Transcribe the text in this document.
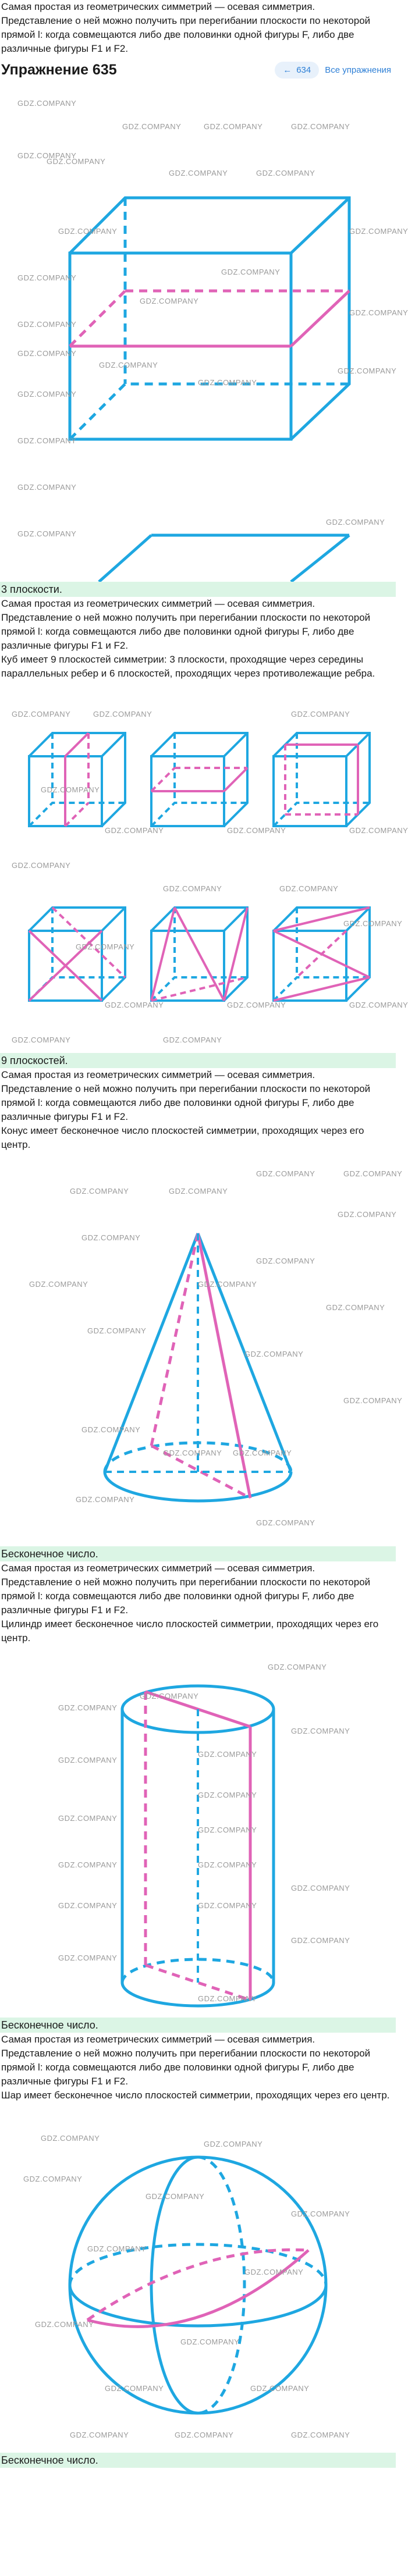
Самая простая из геометрических симметрий — осевая симметрия.

Представление о ней можно получить при перегибании плоскости по некоторой прямой l: когда совмещаются либо две половинки одной фигуры F, либо две различные фигуры F1 и F2.

Упражнение 635	← 634 Все упражнения
GDZ.COMPANY
GDZ.COMPANY
GDZ.COMPANY	GDZ.COMPANY	GDZ.COMPANY
GDZ.COMPANY
GDZ.COMPANY	GDZ.COMPANY
GDZ.COMPANY
GDZ.COMPANY
GDZ.COMPANY
GDZ.COMPANY
GDZ.COMPANY
GDZ.COMPANY
GDZ.COMPANY
GDZ.COMPANY
GDZ.COMPANY
GDZ.COMPANY
GDZ.COMPANY
GDZ.COMPANY
GDZ.COMPANY
GDZ.COMPANY
GDZ.COMPANY
GDZ.COMPANY

3 плоскости.

Самая простая из геометрических симметрий — осевая симметрия.

Представление о ней можно получить при перегибании плоскости по некоторой прямой l: когда совмещаются либо две половинки одной фигуры F, либо две различные фигуры F1 и F2.

Куб имеет 9 плоскостей симметрии: 3 плоскости, проходящие через середины параллельных ребер и 6 плоскостей, проходящих через противолежащие ребра.

GDZ.COMPANY	GDZ.COMPANY	GDZ.COMPANY
GDZ.COMPANY
GDZ.COMPANY	GDZ.COMPANY	GDZ.COMPANY
GDZ.COMPANY
GDZ.COMPANY	GDZ.COMPANY
GDZ.COMPANY
GDZ.COMPANY
GDZ.COMPANY	GDZ.COMPANY	GDZ.COMPANY
GDZ.COMPANY
GDZ.COMPANY

9 плоскостей.

Самая простая из геометрических симметрий — осевая симметрия.

Представление о ней можно получить при перегибании плоскости по некоторой прямой l: когда совмещаются либо две половинки одной фигуры F, либо две различные фигуры F1 и F2.

Конус имеет бесконечное число плоскостей симметрии, проходящих через его центр.

GDZ.COMPANY	GDZ.COMPANY
GDZ.COMPANY	GDZ.COMPANY
GDZ.COMPANY
GDZ.COMPANY
GDZ.COMPANY
GDZ.COMPANY	GDZ.COMPANY
GDZ.COMPANY
GDZ.COMPANY
GDZ.COMPANY
GDZ.COMPANY
GDZ.COMPANY
GDZ.COMPANY GDZ.COMPANY
GDZ.COMPANY
GDZ.COMPANY

Бесконечное число.

Самая простая из геометрических симметрий — осевая симметрия.

Представление о ней можно получить при перегибании плоскости по некоторой прямой l: когда совмещаются либо две половинки одной фигуры F, либо две различные фигуры F1 и F2.

Цилиндр имеет бесконечное число плоскостей симметрии, проходящих через его центр.

GDZ.COMPANY
GDZ.COMPANY
GDZ.COMPANY
GDZ.COMPANY
GDZ.COMPANY
GDZ.COMPANY
GDZ.COMPANY
GDZ.COMPANY
GDZ.COMPANY
GDZ.COMPANY	GDZ.COMPANY
GDZ.COMPANY
GDZ.COMPANY	GDZ.COMPANY
GDZ.COMPANY
GDZ.COMPANY
GDZ.COMPANY

Бесконечное число.

Самая простая из геометрических симметрий — осевая симметрия.

Представление о ней можно получить при перегибании плоскости по некоторой прямой l: когда совмещаются либо две половинки одной фигуры F, либо две различные фигуры F1 и F2.

Шар имеет бесконечное число плоскостей симметрии, проходящих через его центр.

GDZ.COMPANY
GDZ.COMPANY
GDZ.COMPANY
GDZ.COMPANY
GDZ.COMPANY
GDZ.COMPANY
GDZ.COMPANY
GDZ.COMPANY
GDZ.COMPANY
GDZ.COMPANY	GDZ.COMPANY
GDZ.COMPANY	GDZ.COMPANY	GDZ.COMPANY

Бесконечное число.
